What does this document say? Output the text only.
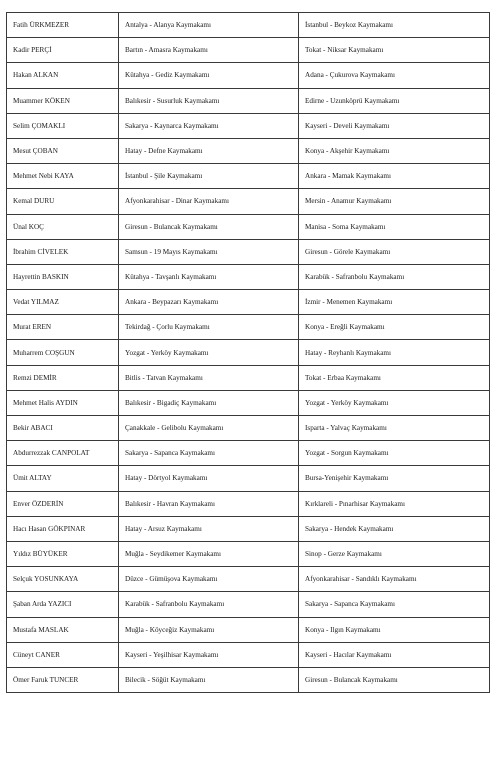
Fatih ÜRKMEZER	Antalya - Alanya Kaymakamı	İstanbul - Beykoz Kaymakamı
Kadir PERÇİ	Bartın - Amasra Kaymakamı	Tokat - Niksar Kaymakamı
Hakan ALKAN	Kütahya - Gediz Kaymakamı	Adana - Çukurova Kaymakamı
Muammer KÖKEN	Balıkesir - Susurluk Kaymakamı	Edirne - Uzunköprü Kaymakamı
Selim ÇOMAKLI	Sakarya - Kaynarca Kaymakamı	Kayseri - Develi Kaymakamı
Mesut ÇOBAN	Hatay - Defne Kaymakamı	Konya - Akşehir Kaymakamı
Mehmet Nebi KAYA	İstanbul - Şile Kaymakamı	Ankara - Mamak Kaymakamı
Kemal DURU	Afyonkarahisar - Dinar Kaymakamı	Mersin - Anamur Kaymakamı
Ünal KOÇ	Giresun - Bulancak Kaymakamı	Manisa - Soma Kaymakamı
İbrahim CİVELEK	Samsun - 19 Mayıs Kaymakamı	Giresun - Görele Kaymakamı
Hayrettin BASKIN	Kütahya - Tavşanlı Kaymakamı	Karabük - Safranbolu Kaymakamı
Vedat YILMAZ	Ankara - Beypazarı Kaymakamı	İzmir - Menemen Kaymakamı
Murat EREN	Tekirdağ - Çorlu Kaymakamı	Konya - Ereğli Kaymakamı
Muharrem COŞGUN	Yozgat - Yerköy Kaymakamı	Hatay - Reyhanlı Kaymakamı
Remzi DEMİR	Bitlis - Tatvan Kaymakamı	Tokat - Erbaa Kaymakamı
Mehmet Halis AYDIN	Balıkesir - Bigadiç Kaymakamı	Yozgat - Yerköy Kaymakamı
Bekir ABACI	Çanakkale - Gelibolu Kaymakamı	Isparta - Yalvaç Kaymakamı
Abdurrezzak CANPOLAT	Sakarya - Sapanca Kaymakamı	Yozgat - Sorgun Kaymakamı
Ümit ALTAY	Hatay - Dörtyol Kaymakamı	Bursa-Yenişehir Kaymakamı
Enver ÖZDERİN	Balıkesir - Havran Kaymakamı	Kırklareli - Pınarhisar Kaymakamı
Hacı Hasan GÖKPINAR	Hatay - Arsuz Kaymakamı	Sakarya - Hendek Kaymakamı
Yıldız BÜYÜKER	Muğla - Seydikemer Kaymakamı	Sinop - Gerze Kaymakamı
Selçuk YOSUNKAYA	Düzce - Gümüşova Kaymakamı	Afyonkarahisar - Sandıklı Kaymakamı
Şaban Arda YAZICI	Karabük - Safranbolu Kaymakamı	Sakarya - Sapanca Kaymakamı
Mustafa MASLAK	Muğla - Köyceğiz Kaymakamı	Konya - Ilgın Kaymakamı
Cüneyt CANER	Kayseri - Yeşilhisar Kaymakamı	Kayseri - Hacılar Kaymakamı
Ömer Faruk TUNCER	Bilecik - Söğüt Kaymakamı	Giresun - Bulancak Kaymakamı
